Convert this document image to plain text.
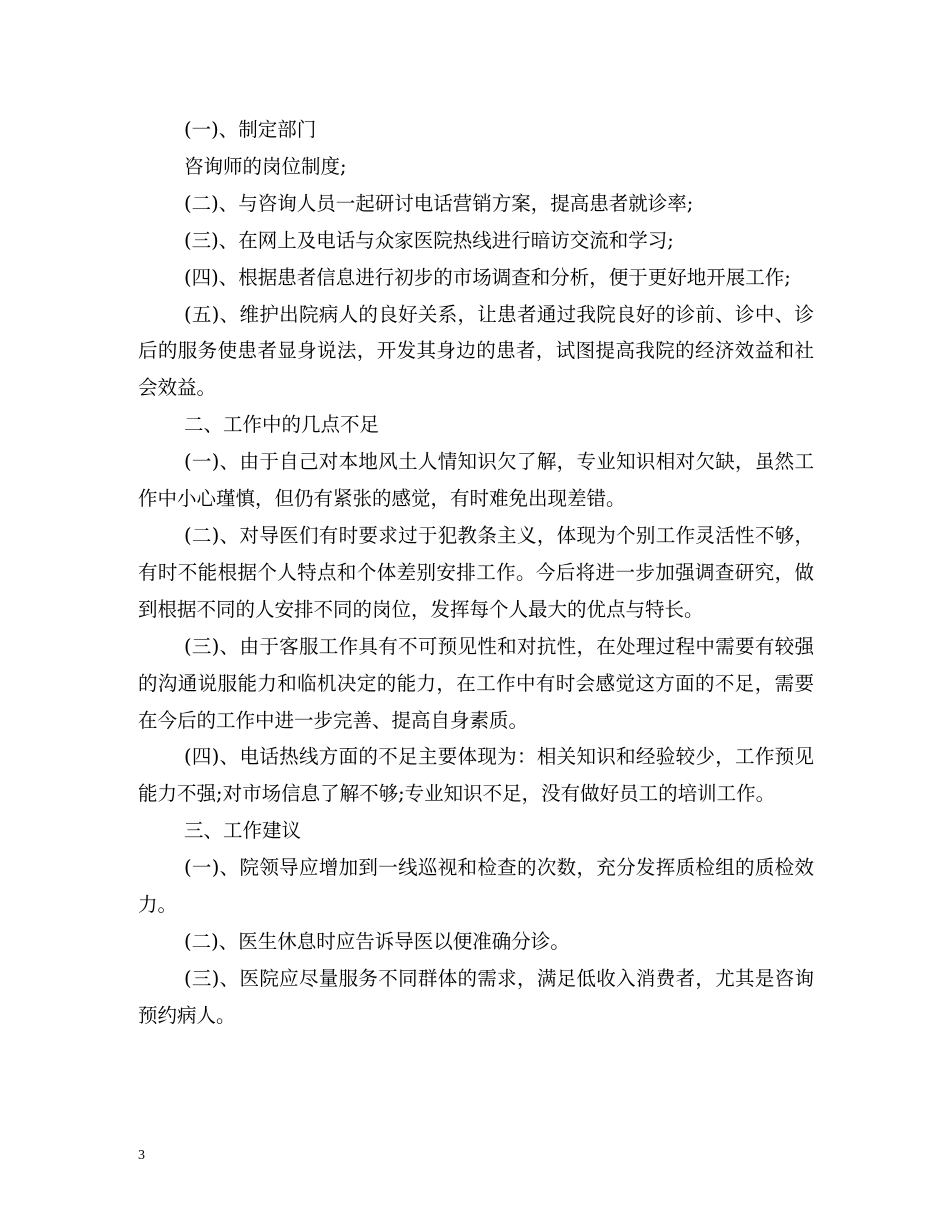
(一)、制定部门

咨询师的岗位制度;

(二)、与咨询人员一起研讨电话营销方案，提高患者就诊率;

(三)、在网上及电话与众家医院热线进行暗访交流和学习;

(四)、根据患者信息进行初步的市场调查和分析，便于更好地开展工作;

(五)、维护出院病人的良好关系，让患者通过我院良好的诊前、诊中、诊后的服务使患者显身说法，开发其身边的患者，试图提高我院的经济效益和社会效益。

二、工作中的几点不足

(一)、由于自己对本地风土人情知识欠了解，专业知识相对欠缺，虽然工作中小心瑾慎，但仍有紧张的感觉，有时难免出现差错。

(二)、对导医们有时要求过于犯教条主义，体现为个别工作灵活性不够，有时不能根据个人特点和个体差别安排工作。今后将进一步加强调查研究，做到根据不同的人安排不同的岗位，发挥每个人最大的优点与特长。

(三)、由于客服工作具有不可预见性和对抗性，在处理过程中需要有较强的沟通说服能力和临机决定的能力，在工作中有时会感觉这方面的不足，需要在今后的工作中进一步完善、提高自身素质。

(四)、电话热线方面的不足主要体现为：相关知识和经验较少，工作预见能力不强;对市场信息了解不够;专业知识不足，没有做好员工的培训工作。

三、工作建议

(一)、院领导应增加到一线巡视和检查的次数，充分发挥质检组的质检效力。

(二)、医生休息时应告诉导医以便准确分诊。

(三)、医院应尽量服务不同群体的需求，满足低收入消费者，尤其是咨询预约病人。

3
